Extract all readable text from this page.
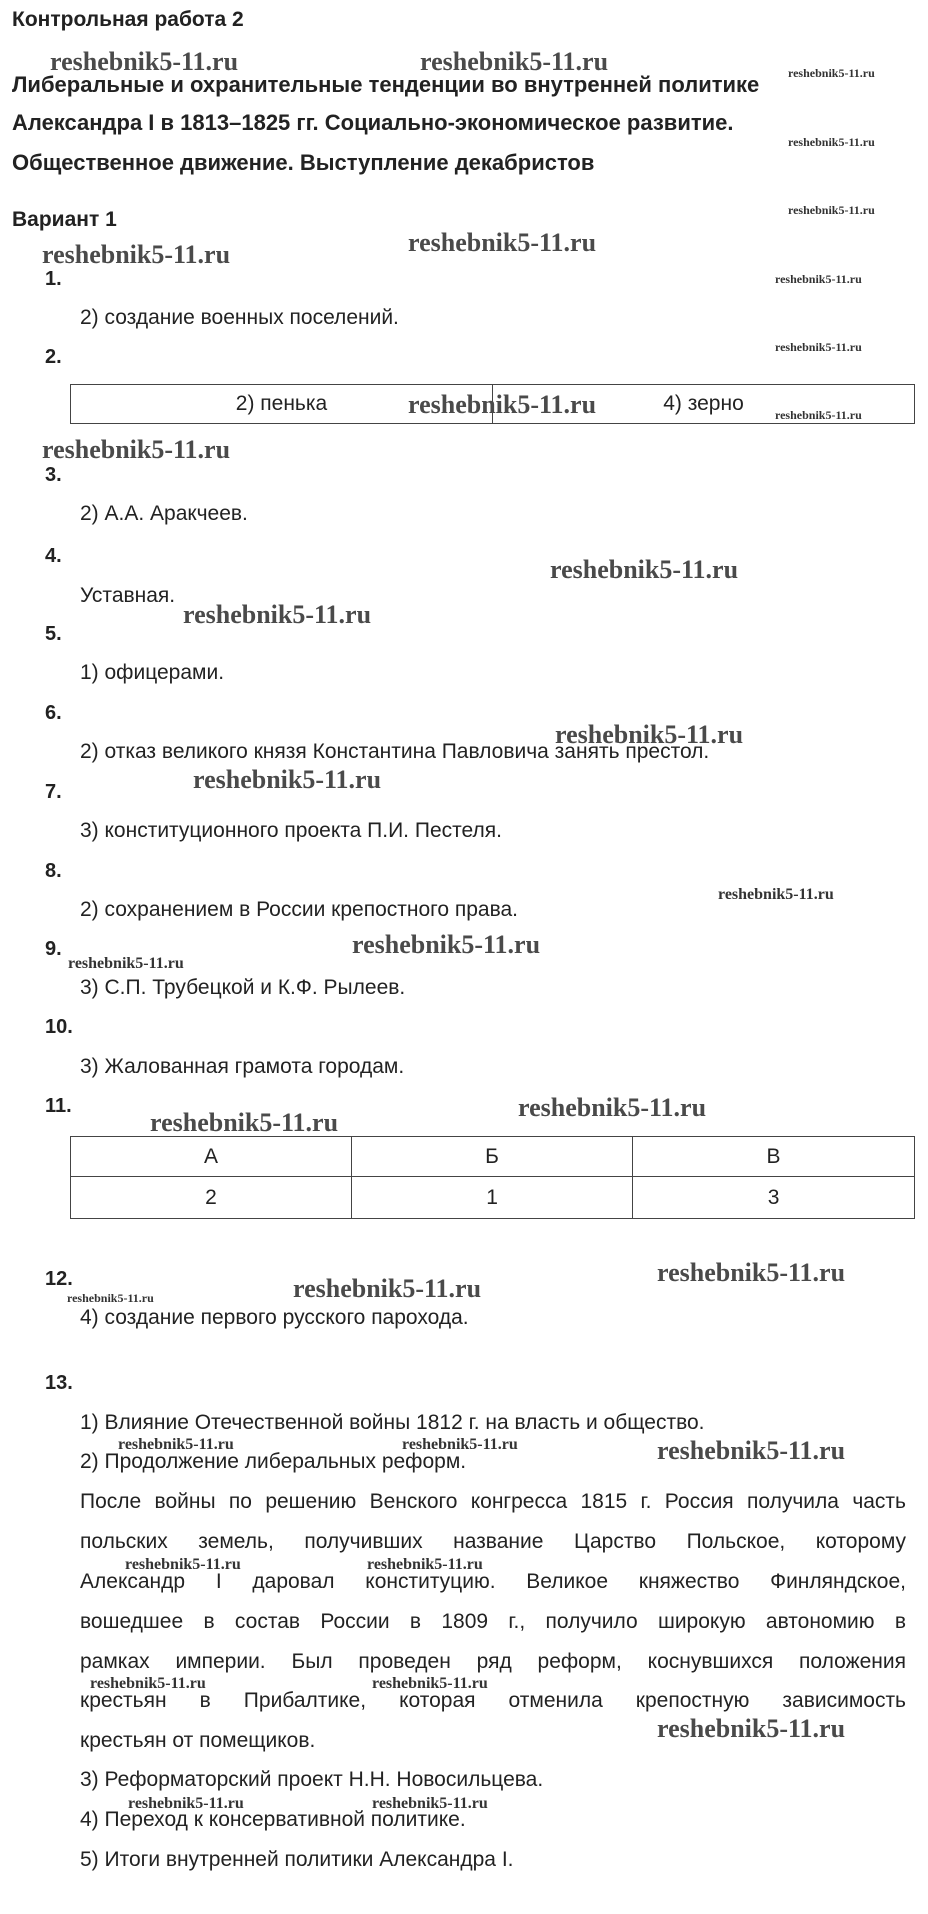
Контрольная работа 2
Либеральные и охранительные тенденции во внутренней политике
Александра I в 1813–1825 гг. Социально-экономическое развитие.
Общественное движение. Выступление декабристов
Вариант 1
1.
2) создание военных поселений.
2.
2) пенька	4) зерно
3.
2) А.А. Аракчеев.
4.
Уставная.
5.
1) офицерами.
6.
2) отказ великого князя Константина Павловича занять престол.
7.
3) конституционного проекта П.И. Пестеля.
8.
2) сохранением в России крепостного права.
9.
3) С.П. Трубецкой и К.Ф. Рылеев.
10.
3) Жалованная грамота городам.
11.
А	Б	В
2	1	3
12.
4) создание первого русского парохода.
13.
1) Влияние Отечественной войны 1812 г. на власть и общество.
2) Продолжение либеральных реформ.
После войны по решению Венского конгресса 1815 г. Россия получила часть
польских земель, получивших название Царство Польское, которому
Александр I даровал конституцию. Великое княжество Финляндское,
вошедшее в состав России в 1809 г., получило широкую автономию в
рамках империи. Был проведен ряд реформ, коснувшихся положения
крестьян в Прибалтике, которая отменила крепостную зависимость
крестьян от помещиков.
3) Реформаторский проект Н.Н. Новосильцева.
4) Переход к консервативной политике.
5) Итоги внутренней политики Александра I.
reshebnik5-11.ru	reshebnik5-11.ru	reshebnik5-11.ru
reshebnik5-11.ru
reshebnik5-11.ru
reshebnik5-11.ru	reshebnik5-11.ru
reshebnik5-11.ru
reshebnik5-11.ru
reshebnik5-11.ru	reshebnik5-11.ru
reshebnik5-11.ru
reshebnik5-11.ru
reshebnik5-11.ru
reshebnik5-11.ru
reshebnik5-11.ru
reshebnik5-11.ru
reshebnik5-11.ru
reshebnik5-11.ru
reshebnik5-11.ru
reshebnik5-11.ru
reshebnik5-11.ru
reshebnik5-11.ru
reshebnik5-11.ru
reshebnik5-11.ru	reshebnik5-11.ru	reshebnik5-11.ru
reshebnik5-11.ru	reshebnik5-11.ru
reshebnik5-11.ru	reshebnik5-11.ru
reshebnik5-11.ru
reshebnik5-11.ru	reshebnik5-11.ru
